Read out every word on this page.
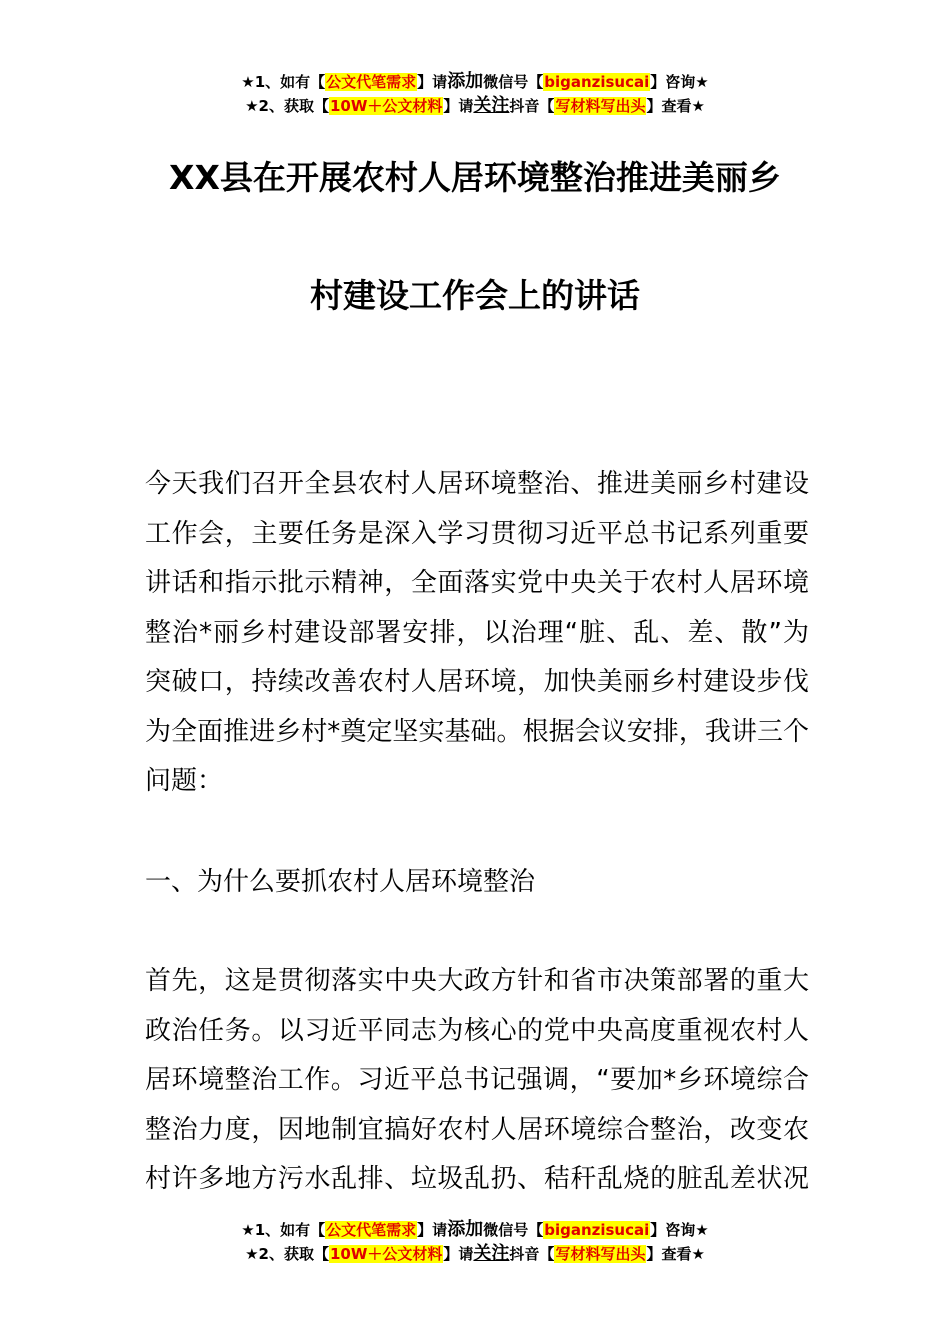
★1、如有【公文代笔需求】请添加微信号【biganzisucai】咨询★
★2、获取【10W＋公文材料】请关注抖音【写材料写出头】查看★
XX县在开展农村人居环境整治推进美丽乡
村建设工作会上的讲话
今天我们召开全县农村人居环境整治、推进美丽乡村建设
工作会，主要任务是深入学习贯彻习近平总书记系列重要
讲话和指示批示精神，全面落实党中央关于农村人居环境
整治*丽乡村建设部署安排，以治理“脏、乱、差、散”为
突破口，持续改善农村人居环境，加快美丽乡村建设步伐
为全面推进乡村*奠定坚实基础。根据会议安排，我讲三个
问题：
一、为什么要抓农村人居环境整治
首先，这是贯彻落实中央大政方针和省市决策部署的重大
政治任务。以习近平同志为核心的党中央高度重视农村人
居环境整治工作。习近平总书记强调，“要加*乡环境综合
整治力度，因地制宜搞好农村人居环境综合整治，改变农
村许多地方污水乱排、垃圾乱扔、秸秆乱烧的脏乱差状况
★1、如有【公文代笔需求】请添加微信号【biganzisucai】咨询★
★2、获取【10W＋公文材料】请关注抖音【写材料写出头】查看★
